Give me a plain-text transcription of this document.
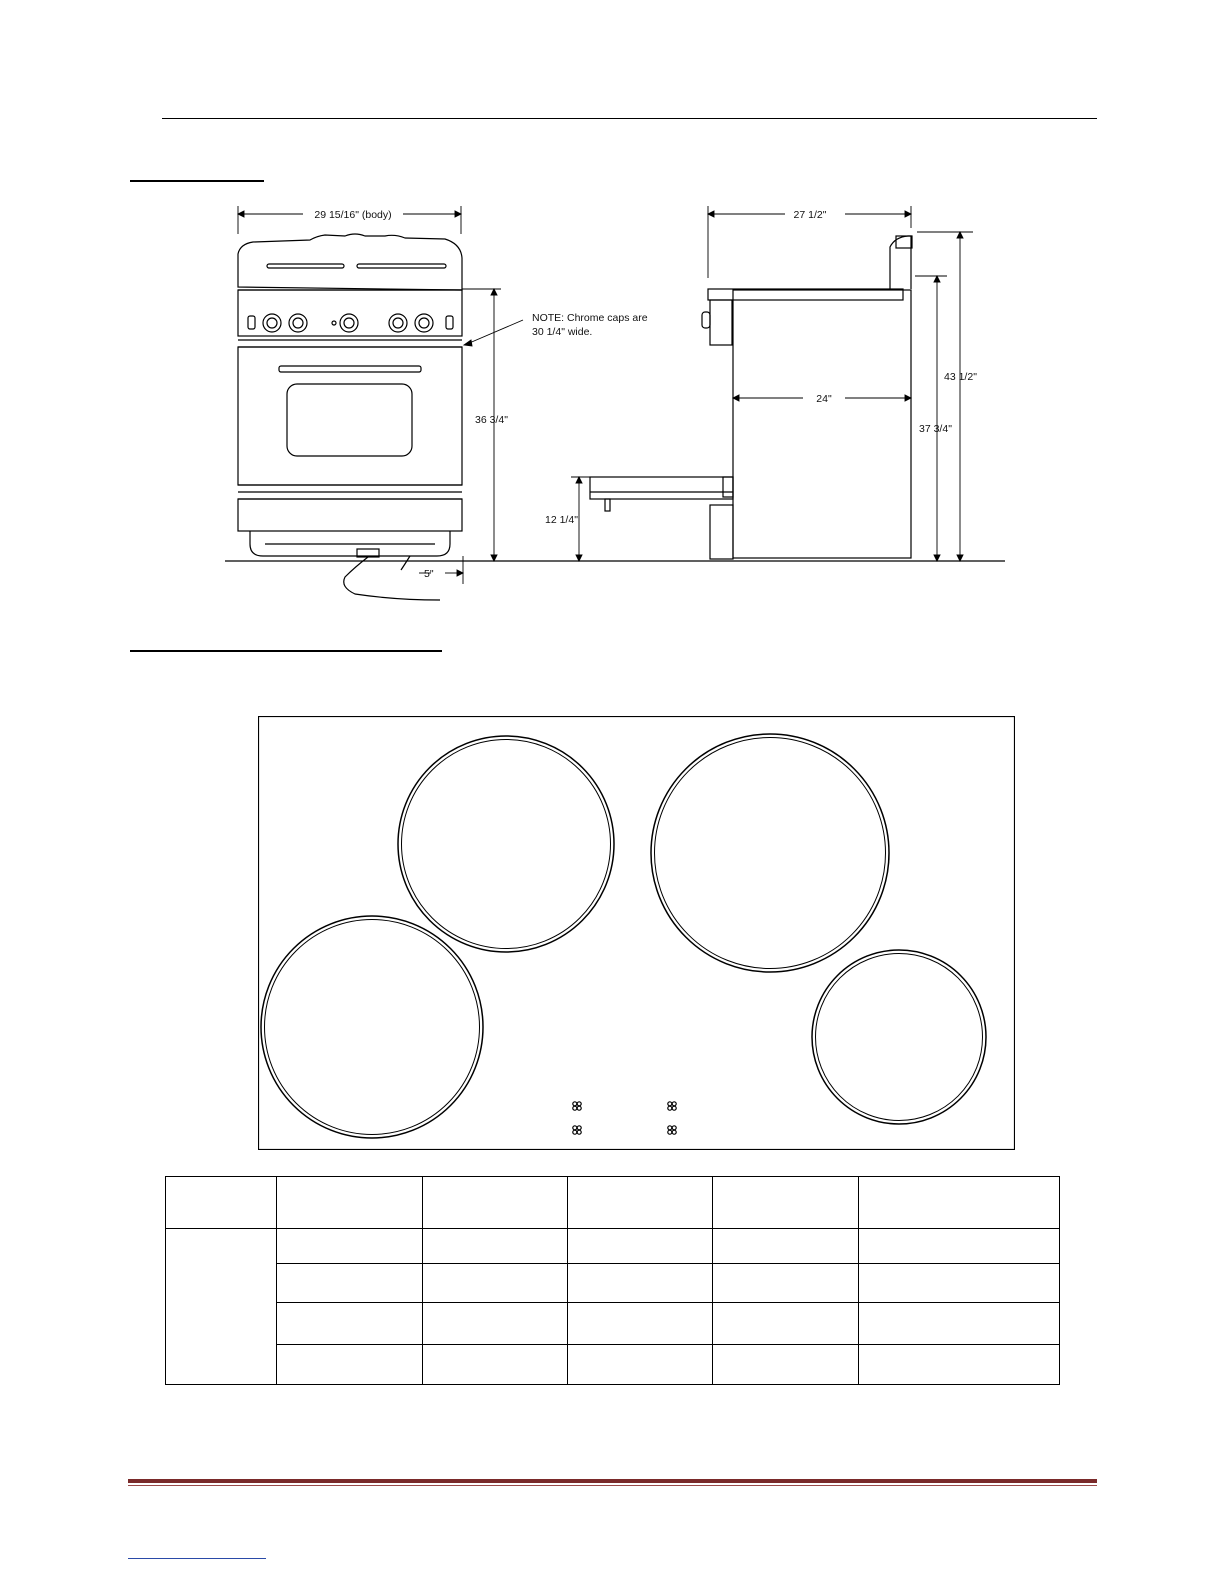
29 15/16" (body)
NOTE: Chrome caps are
30 1/4" wide.
36 3/4"
5"
27 1/2"
24"
12 1/4"
43 1/2"
37 3/4"
